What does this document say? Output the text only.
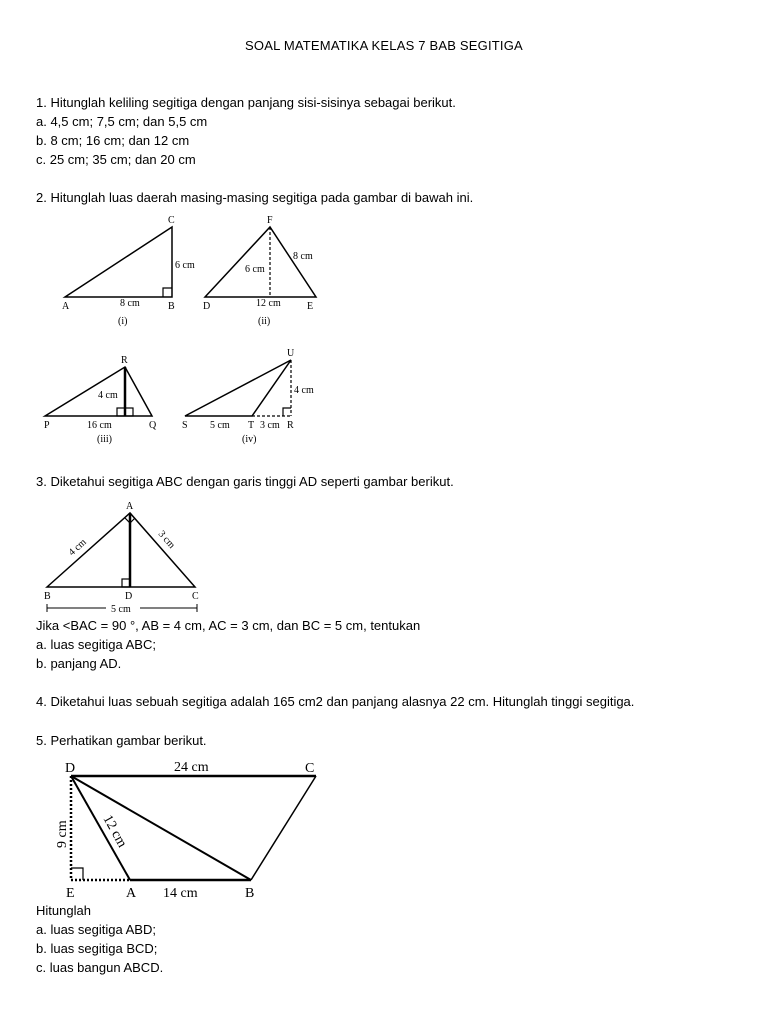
SOAL MATEMATIKA KELAS 7 BAB SEGITIGA
1. Hitunglah keliling segitiga dengan panjang sisi-sisinya sebagai berikut.
a. 4,5 cm; 7,5 cm; dan 5,5 cm
b. 8 cm; 16 cm; dan 12 cm
c. 25 cm; 35 cm; dan 20 cm
2. Hitunglah luas daerah masing-masing segitiga pada gambar di bawah ini.
C
A	B
6 cm
8 cm
(i)
F
D	E
6 cm
8 cm
12 cm
(ii)
R
P	Q
4 cm
16 cm
(iii)
U
S	T	R
4 cm
5 cm	3 cm
(iv)
3. Diketahui segitiga ABC dengan garis tinggi AD seperti gambar berikut.
A
B	D	C
4 cm	3 cm
5 cm
Jika <BAC = 90 °, AB = 4 cm, AC = 3 cm, dan BC = 5 cm, tentukan
a. luas segitiga ABC;
b. panjang AD.
4. Diketahui luas sebuah segitiga adalah 165 cm2 dan panjang alasnya 22 cm. Hitunglah tinggi segitiga.
5. Perhatikan gambar berikut.
D	C
E	A	B
24 cm
9 cm 12 cm
14 cm
Hitunglah
a. luas segitiga ABD;
b. luas segitiga BCD;
c. luas bangun ABCD.
